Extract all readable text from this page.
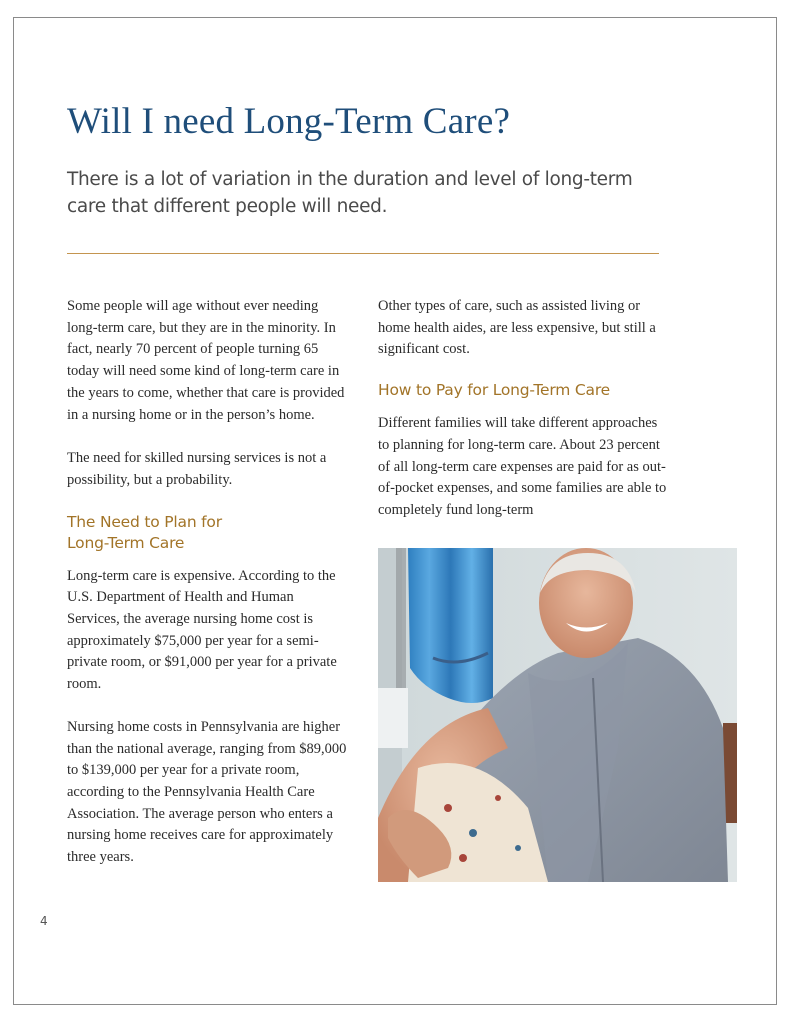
Will I need Long-Term Care?

There is a lot of variation in the duration and level of long-term care that different people will need.

Some people will age without ever needing long-term care, but they are in the minority. In fact, nearly 70 percent of people turning 65 today will need some kind of long-term care in the years to come, whether that care is provided in a nursing home or in the person’s home.

The need for skilled nursing services is not a possibility, but a probability.

The Need to Plan for
Long-Term Care

Long-term care is expensive. According to the U.S. Department of Health and Human Services, the average nursing home cost is approximately $75,000 per year for a semi-private room, or $91,000 per year for a private room.

Nursing home costs in Pennsylvania are higher than the national average, ranging from $89,000 to $139,000 per year for a private room, according to the Pennsylvania Health Care Association. The average person who enters a nursing home receives care for approximately three years.

Other types of care, such as assisted living or home health aides, are less expensive, but still a significant cost.

How to Pay for Long-Term Care

Different families will take different approaches to planning for long-term care. About 23 percent of all long-term care expenses are paid for as out-of-pocket expenses, and some families are able to completely fund long-term

4
